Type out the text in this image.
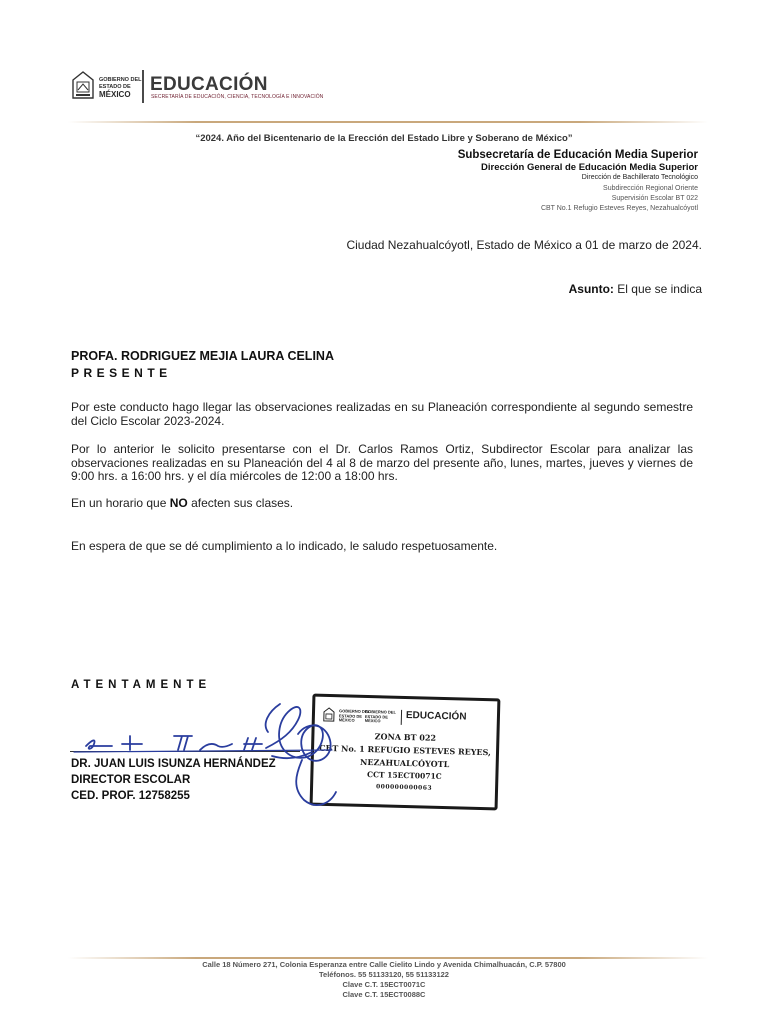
GOBIERNO DEL
ESTADO DE
MÉXICO	EDUCACIÓN
SECRETARÍA DE EDUCACIÓN, CIENCIA, TECNOLOGÍA E INNOVACIÓN
“2024. Año del Bicentenario de la Erección del Estado Libre y Soberano de México”
Subsecretaría de Educación Media Superior
Dirección General de Educación Media Superior
Dirección de Bachillerato Tecnológico
Subdirección Regional Oriente
Supervisión Escolar BT 022
CBT No.1 Refugio Esteves Reyes, Nezahualcóyotl
Ciudad Nezahualcóyotl, Estado de México a 01 de marzo de 2024.
Asunto: El que se indica
PROFA. RODRIGUEZ MEJIA LAURA CELINA
PRESENTE
Por este conducto hago llegar las observaciones realizadas en su Planeación correspondiente al segundo semestre del Ciclo Escolar 2023-2024.
Por lo anterior le solicito presentarse con el Dr. Carlos Ramos Ortiz, Subdirector Escolar para analizar las observaciones realizadas en su Planeación del 4 al 8 de marzo del presente año, lunes, martes, jueves y viernes de 9:00 hrs. a 16:00 hrs. y el día miércoles de 12:00 a 18:00 hrs.
En un horario que NO afecten sus clases.
En espera de que se dé cumplimiento a lo indicado, le saludo respetuosamente.
ATENTAMENTE
GOBIERNO DEL
ESTADO DE
MÉXICO
GOBIERNO DEL
ESTADO DE
MÉXICO	EDUCACIÓN
ZONA BT 022
CBT No. 1 REFUGIO ESTEVES REYES,
NEZAHUALCÓYOTL
CCT 15ECT0071C
000000000063
DR. JUAN LUIS ISUNZA HERNÁNDEZ
DIRECTOR ESCOLAR
CED. PROF. 12758255
Calle 18 Número 271, Colonia Esperanza entre Calle Cielito Lindo y Avenida Chimalhuacán, C.P. 57800
Teléfonos. 55 51133120, 55 51133122
Clave C.T. 15ECT0071C
Clave C.T. 15ECT0088C
